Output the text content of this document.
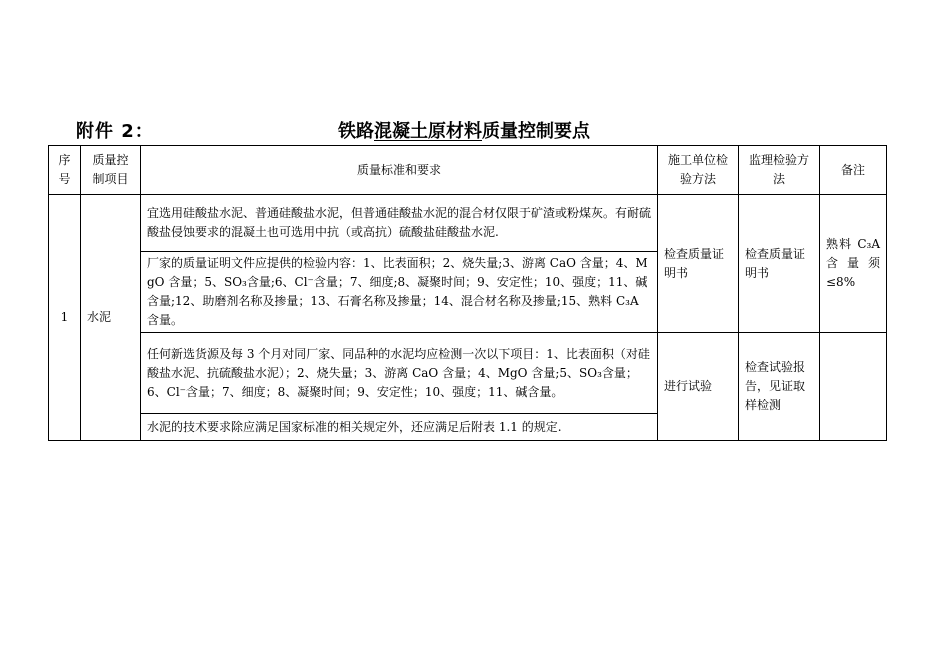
附件 2：	铁路混凝土原材料质量控制要点
序号	质量控制项目	质量标准和要求	施工单位检验方法	监理检验方法	备注
1	水泥	宜选用硅酸盐水泥、普通硅酸盐水泥，但普通硅酸盐水泥的混合材仅限于矿渣或粉煤灰。有耐硫酸盐侵蚀要求的混凝土也可选用中抗（或高抗）硫酸盐硅酸盐水泥.	检查质量证明书	检查质量证明书	熟料 C₃A 含量须≤8%
		厂家的质量证明文件应提供的检验内容：1、比表面积；2、烧失量;3、游离 CaO 含量；4、MgO 含量；5、SO₃含量;6、Cl⁻含量；7、细度;8、凝聚时间；9、安定性；10、强度；11、碱含量;12、助磨剂名称及掺量；13、石膏名称及掺量；14、混合材名称及掺量;15、熟料 C₃A 含量。			
		任何新选货源及每 3 个月对同厂家、同品种的水泥均应检测一次以下项目：1、比表面积（对硅酸盐水泥、抗硫酸盐水泥）；2、烧失量；3、游离 CaO 含量；4、MgO 含量;5、SO₃含量；6、Cl⁻含量；7、细度；8、凝聚时间；9、安定性；10、强度；11、碱含量。	进行试验	检查试验报告，见证取样检测	
		水泥的技术要求除应满足国家标准的相关规定外，还应满足后附表 1.1 的规定.			
